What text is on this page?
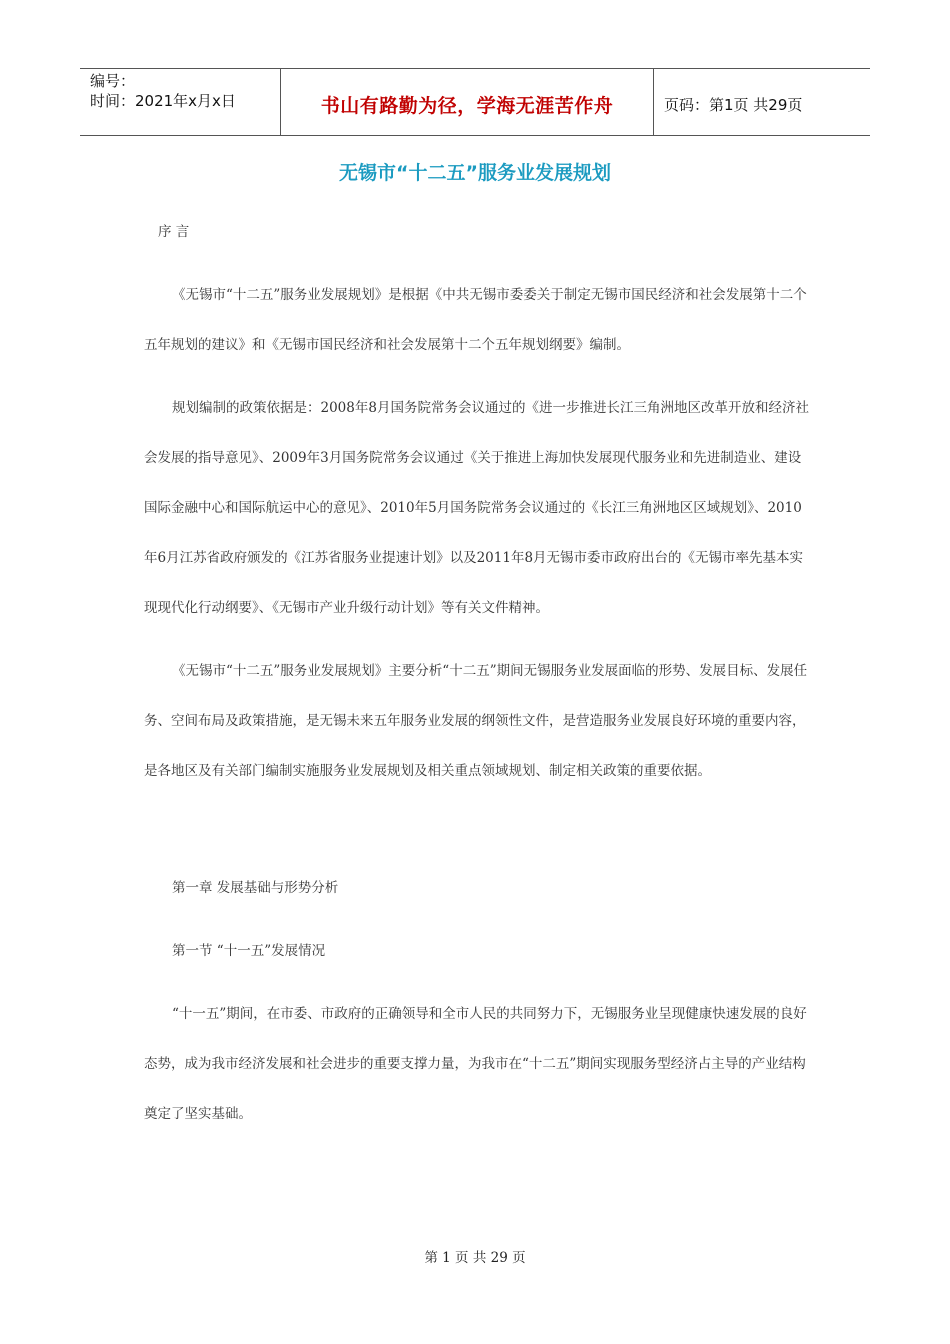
编号：
时间：2021年x月x日	书山有路勤为径，学海无涯苦作舟	页码：第1页 共29页
无锡市“十二五”服务业发展规划

序 言

《无锡市“十二五”服务业发展规划》是根据《中共无锡市委委关于制定无锡市国民经济和社会发展第十二个五年规划的建议》和《无锡市国民经济和社会发展第十二个五年规划纲要》编制。

规划编制的政策依据是：2008年8月国务院常务会议通过的《进一步推进长江三角洲地区改革开放和经济社会发展的指导意见》、2009年3月国务院常务会议通过《关于推进上海加快发展现代服务业和先进制造业、建设国际金融中心和国际航运中心的意见》、2010年5月国务院常务会议通过的《长江三角洲地区区域规划》、2010年6月江苏省政府颁发的《江苏省服务业提速计划》以及2011年8月无锡市委市政府出台的《无锡市率先基本实现现代化行动纲要》、《无锡市产业升级行动计划》等有关文件精神。

《无锡市“十二五”服务业发展规划》主要分析“十二五”期间无锡服务业发展面临的形势、发展目标、发展任务、空间布局及政策措施，是无锡未来五年服务业发展的纲领性文件，是营造服务业发展良好环境的重要内容，是各地区及有关部门编制实施服务业发展规划及相关重点领域规划、制定相关政策的重要依据。

第一章 发展基础与形势分析

第一节 “十一五”发展情况

“十一五”期间，在市委、市政府的正确领导和全市人民的共同努力下，无锡服务业呈现健康快速发展的良好态势，成为我市经济发展和社会进步的重要支撑力量，为我市在“十二五”期间实现服务型经济占主导的产业结构奠定了坚实基础。

第 1 页 共 29 页
